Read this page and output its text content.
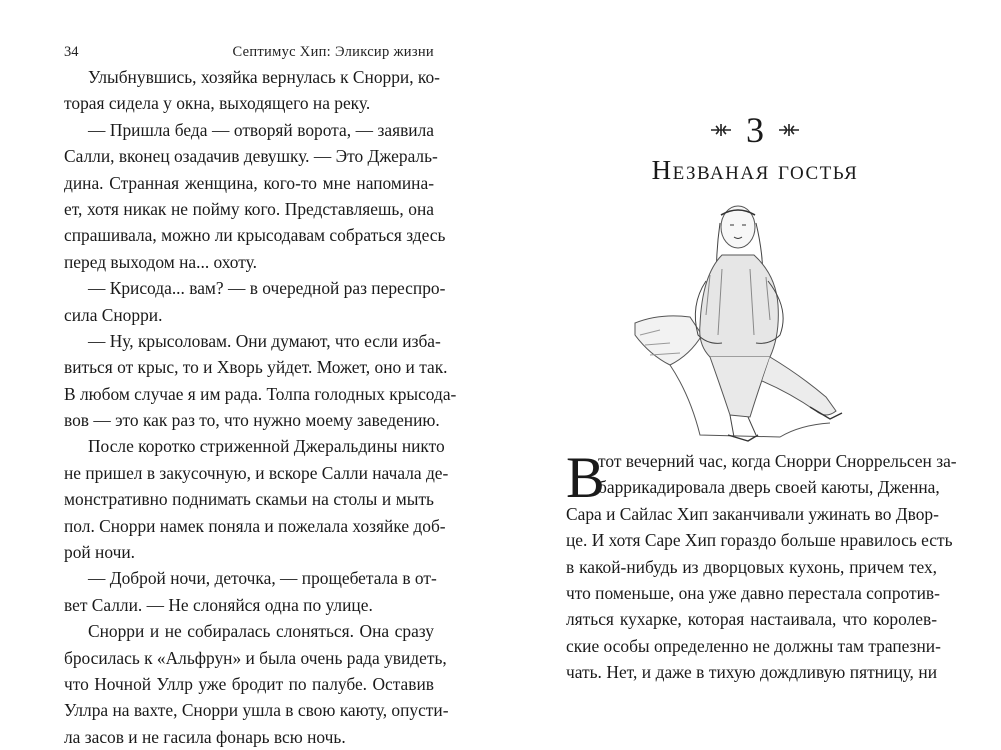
34	Септимус Хип: Эликсир жизни
Улыбнувшись, хозяйка вернулась к Снорри, ко-
торая сидела у окна, выходящего на реку.
— Пришла беда — отворяй ворота, — заявила
Салли, вконец озадачив девушку. — Это Джераль-
дина. Странная женщина, кого-то мне напомина-
ет, хотя никак не пойму кого. Представляешь, она
спрашивала, можно ли крысодавам собраться здесь
перед выходом на... охоту.
— Крисода... вам? — в очередной раз переспро-
сила Снорри.
— Ну, крысоловам. Они думают, что если изба-
виться от крыс, то и Хворь уйдет. Может, оно и так.
В любом случае я им рада. Толпа голодных крысода-
вов — это как раз то, что нужно моему заведению.
После коротко стриженной Джеральдины никто
не пришел в закусочную, и вскоре Салли начала де-
монстративно поднимать скамьи на столы и мыть
пол. Снорри намек поняла и пожелала хозяйке доб-
рой ночи.
— Доброй ночи, деточка, — прощебетала в от-
вет Салли. — Не слоняйся одна по улице.
Снорри и не собиралась слоняться. Она сразу
бросилась к «Альфрун» и была очень рада увидеть,
что Ночной Уллр уже бродит по палубе. Оставив
Уллра на вахте, Снорри ушла в свою каюту, опусти-
ла засов и не гасила фонарь всю ночь.
3
Незваная гостья
В
тот вечерний час, когда Снорри Сноррельсен за-
баррикадировала дверь своей каюты, Дженна,
Сара и Сайлас Хип заканчивали ужинать во Двор-
це. И хотя Саре Хип гораздо больше нравилось есть
в какой-нибудь из дворцовых кухонь, причем тех,
что поменьше, она уже давно перестала сопротив-
ляться кухарке, которая настаивала, что королев-
ские особы определенно не должны там трапезни-
чать. Нет, и даже в тихую дождливую пятницу, ни
